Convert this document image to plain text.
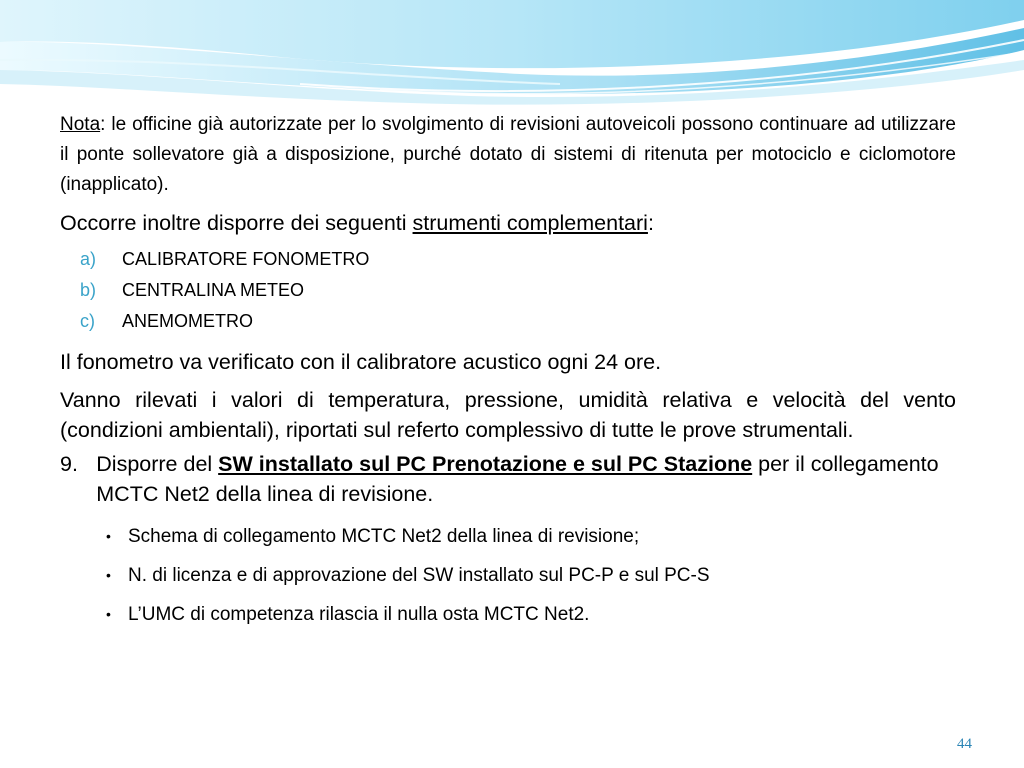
Nota: le officine già autorizzate per lo svolgimento di revisioni autoveicoli possono continuare ad utilizzare il ponte sollevatore già a disposizione, purché dotato di sistemi di ritenuta per motociclo e ciclomotore (inapplicato).

Occorre inoltre disporre dei seguenti strumenti complementari:

a)	CALIBRATORE FONOMETRO
b)	CENTRALINA METEO
c)	ANEMOMETRO

Il fonometro va verificato con il calibratore acustico ogni 24 ore.

Vanno rilevati i valori di temperatura, pressione, umidità relativa e velocità del vento (condizioni ambientali), riportati sul referto complessivo di tutte le prove strumentali.

9. Disporre del SW installato sul PC Prenotazione e sul PC Stazione per il collegamento MCTC Net2 della linea di revisione.
• Schema di collegamento MCTC Net2 della linea di revisione;
• N. di licenza e di approvazione del SW installato sul PC-P e sul PC-S
• L’UMC di competenza rilascia il nulla osta MCTC Net2.
44
